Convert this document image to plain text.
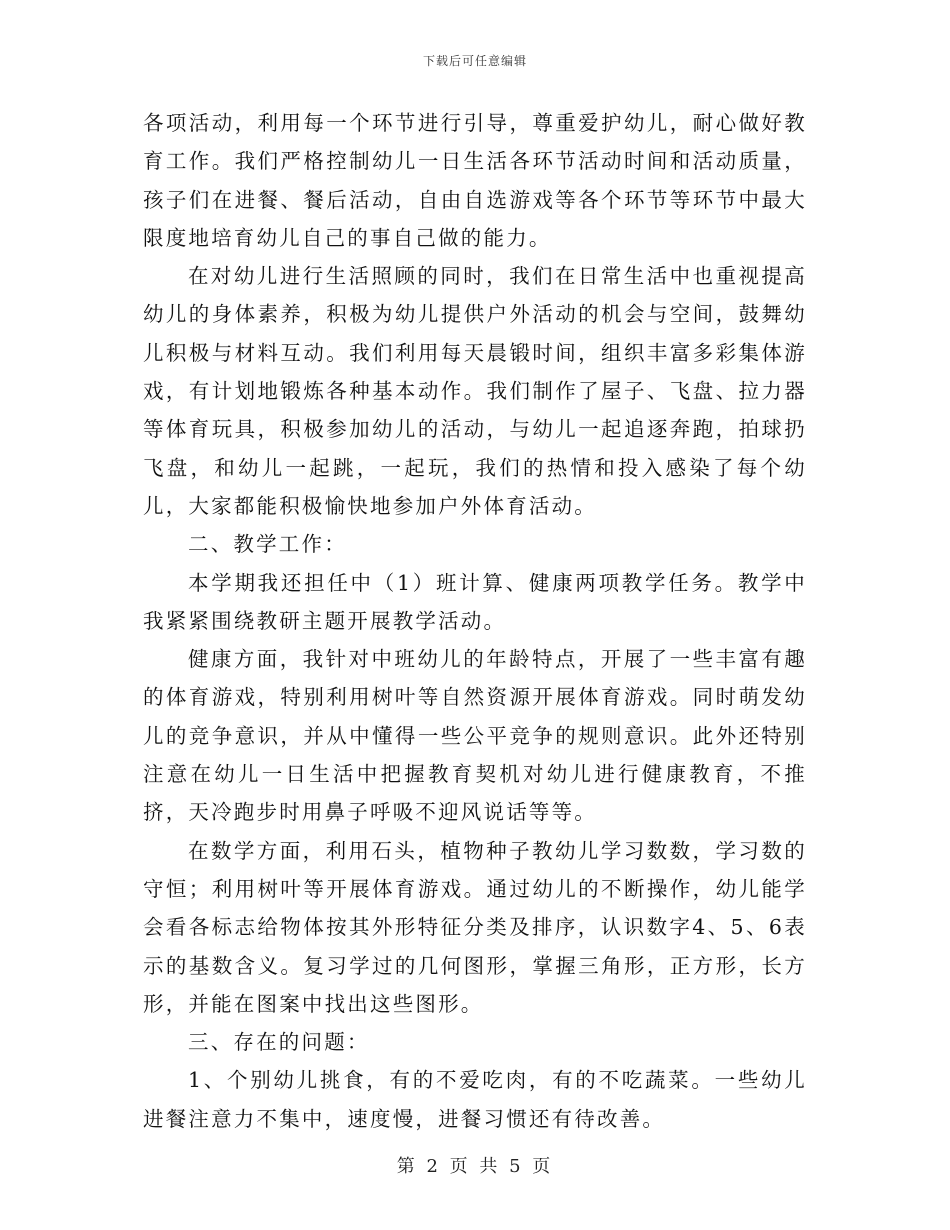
下载后可任意编辑

各项活动，利用每一个环节进行引导，尊重爱护幼儿，耐心做好教育工作。我们严格控制幼儿一日生活各环节活动时间和活动质量，孩子们在进餐、餐后活动，自由自选游戏等各个环节等环节中最大限度地培育幼儿自己的事自己做的能力。

在对幼儿进行生活照顾的同时，我们在日常生活中也重视提高幼儿的身体素养，积极为幼儿提供户外活动的机会与空间，鼓舞幼儿积极与材料互动。我们利用每天晨锻时间，组织丰富多彩集体游戏，有计划地锻炼各种基本动作。我们制作了屋子、飞盘、拉力器等体育玩具，积极参加幼儿的活动，与幼儿一起追逐奔跑，拍球扔飞盘，和幼儿一起跳，一起玩，我们的热情和投入感染了每个幼儿，大家都能积极愉快地参加户外体育活动。

二、教学工作：

本学期我还担任中（1）班计算、健康两项教学任务。教学中我紧紧围绕教研主题开展教学活动。

健康方面，我针对中班幼儿的年龄特点，开展了一些丰富有趣的体育游戏，特别利用树叶等自然资源开展体育游戏。同时萌发幼儿的竞争意识，并从中懂得一些公平竞争的规则意识。此外还特别注意在幼儿一日生活中把握教育契机对幼儿进行健康教育，不推挤，天冷跑步时用鼻子呼吸不迎风说话等等。

在数学方面，利用石头，植物种子教幼儿学习数数，学习数的守恒；利用树叶等开展体育游戏。通过幼儿的不断操作，幼儿能学会看各标志给物体按其外形特征分类及排序，认识数字4、5、6表示的基数含义。复习学过的几何图形，掌握三角形，正方形，长方形，并能在图案中找出这些图形。

三、存在的问题：

1、个别幼儿挑食，有的不爱吃肉，有的不吃蔬菜。一些幼儿进餐注意力不集中，速度慢，进餐习惯还有待改善。

第 2 页 共 5 页
